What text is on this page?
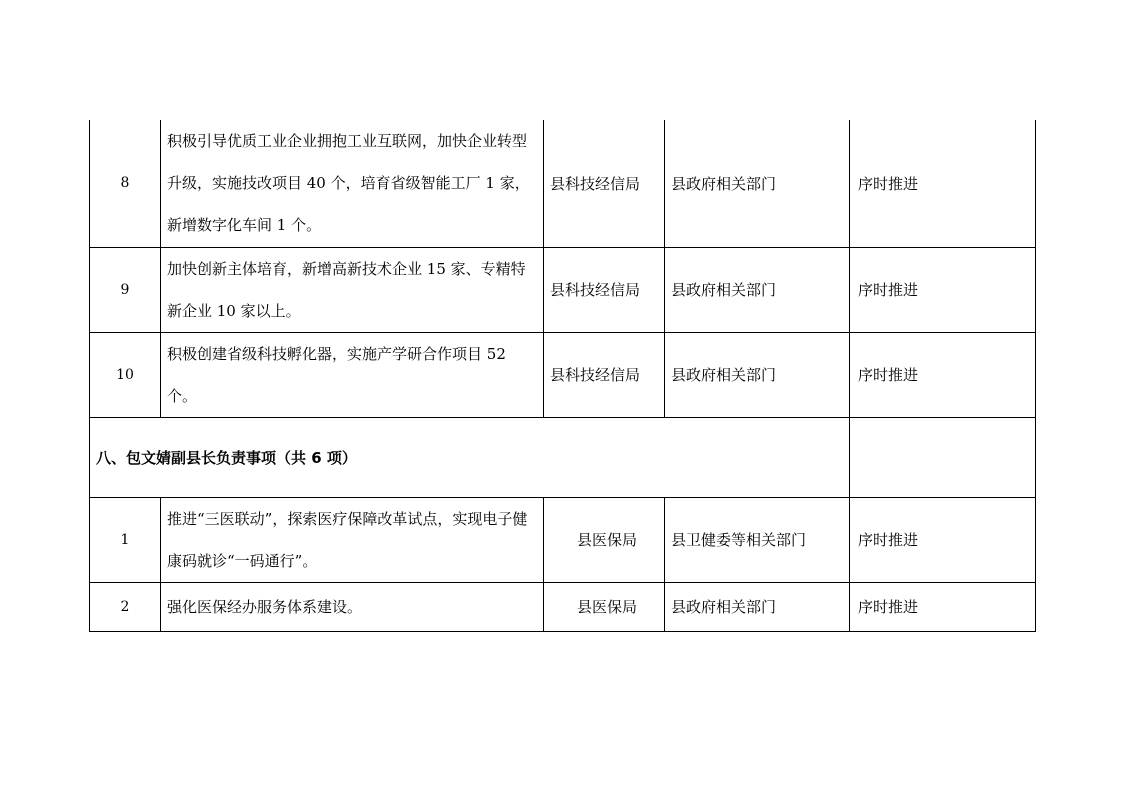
8	积极引导优质工业企业拥抱工业互联网，加快企业转型升级，实施技改项目 40 个，培育省级智能工厂 1 家，新增数字化车间 1 个。	县科技经信局	县政府相关部门	序时推进
9	加快创新主体培育，新增高新技术企业 15 家、专精特新企业 10 家以上。	县科技经信局	县政府相关部门	序时推进
10	积极创建省级科技孵化器，实施产学研合作项目 52 个。	县科技经信局	县政府相关部门	序时推进
八、包文婧副县长负责事项（共 6 项）				
1	推进“三医联动”，探索医疗保障改革试点，实现电子健康码就诊“一码通行”。	县医保局	县卫健委等相关部门	序时推进
2	强化医保经办服务体系建设。	县医保局	县政府相关部门	序时推进
